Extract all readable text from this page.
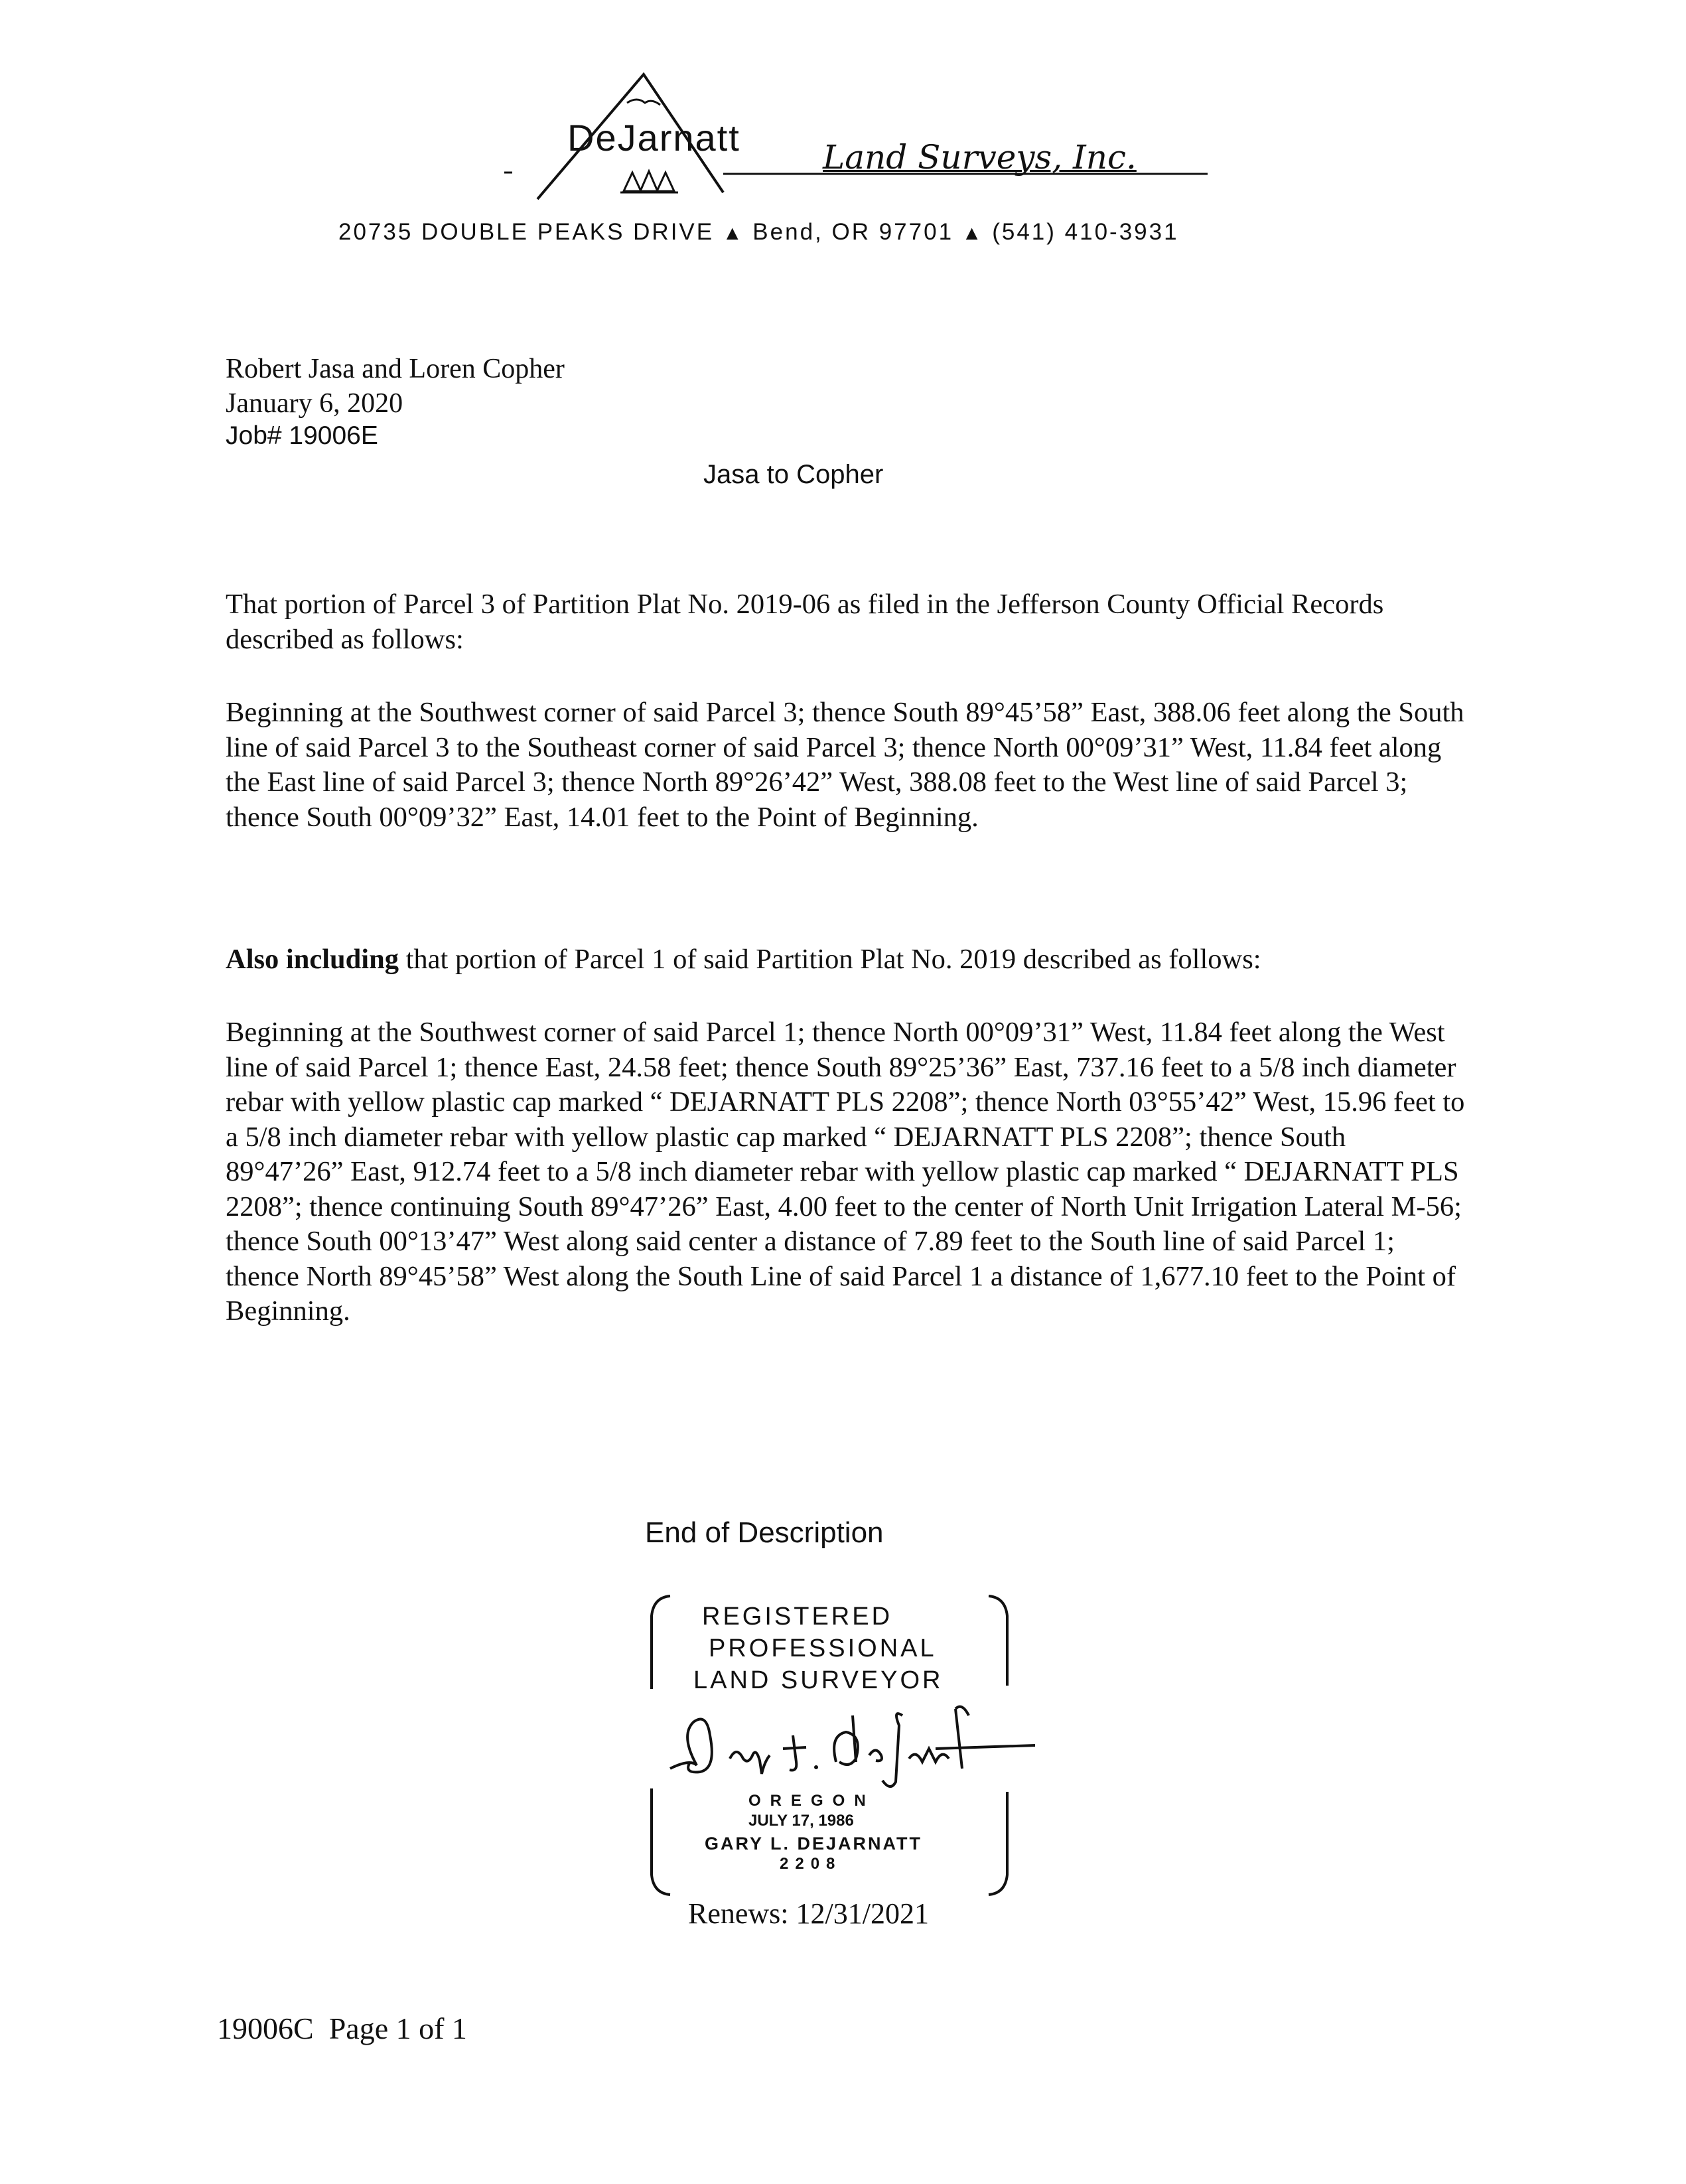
DeJarnatt Land Surveys, Inc.
20735 DOUBLE PEAKS DRIVE ▲ Bend, OR 97701 ▲ (541) 410-3931
Robert Jasa and Loren Copher
January 6, 2020
Job# 19006E
Jasa to Copher

That portion of Parcel 3 of Partition Plat No. 2019-06 as filed in the Jefferson County Official Records described as follows:

Beginning at the Southwest corner of said Parcel 3; thence South 89°45’58” East, 388.06 feet along the South line of said Parcel 3 to the Southeast corner of said Parcel 3; thence North 00°09’31” West, 11.84 feet along the East line of said Parcel 3; thence North 89°26’42” West, 388.08 feet to the West line of said Parcel 3; thence South 00°09’32” East, 14.01 feet to the Point of Beginning.

Also including that portion of Parcel 1 of said Partition Plat No. 2019 described as follows:

Beginning at the Southwest corner of said Parcel 1; thence North 00°09’31” West, 11.84 feet along the West line of said Parcel 1; thence East, 24.58 feet; thence South 89°25’36” East, 737.16 feet to a 5/8 inch diameter rebar with yellow plastic cap marked “ DEJARNATT PLS 2208”; thence North 03°55’42” West, 15.96 feet to a 5/8 inch diameter rebar with yellow plastic cap marked “ DEJARNATT PLS 2208”; thence South 89°47’26” East, 912.74 feet to a 5/8 inch diameter rebar with yellow plastic cap marked “ DEJARNATT PLS 2208”; thence continuing South 89°47’26” East, 4.00 feet to the center of North Unit Irrigation Lateral M-56; thence South 00°13’47” West along said center a distance of 7.89 feet to the South line of said Parcel 1; thence North 89°45’58” West along the South Line of said Parcel 1 a distance of 1,677.10 feet to the Point of Beginning.

End of Description
REGISTERED
PROFESSIONAL
LAND SURVEYOR
OREGON
JULY 17, 1986
GARY L. DEJARNATT
2208
Renews: 12/31/2021
19006C Page 1 of 1
